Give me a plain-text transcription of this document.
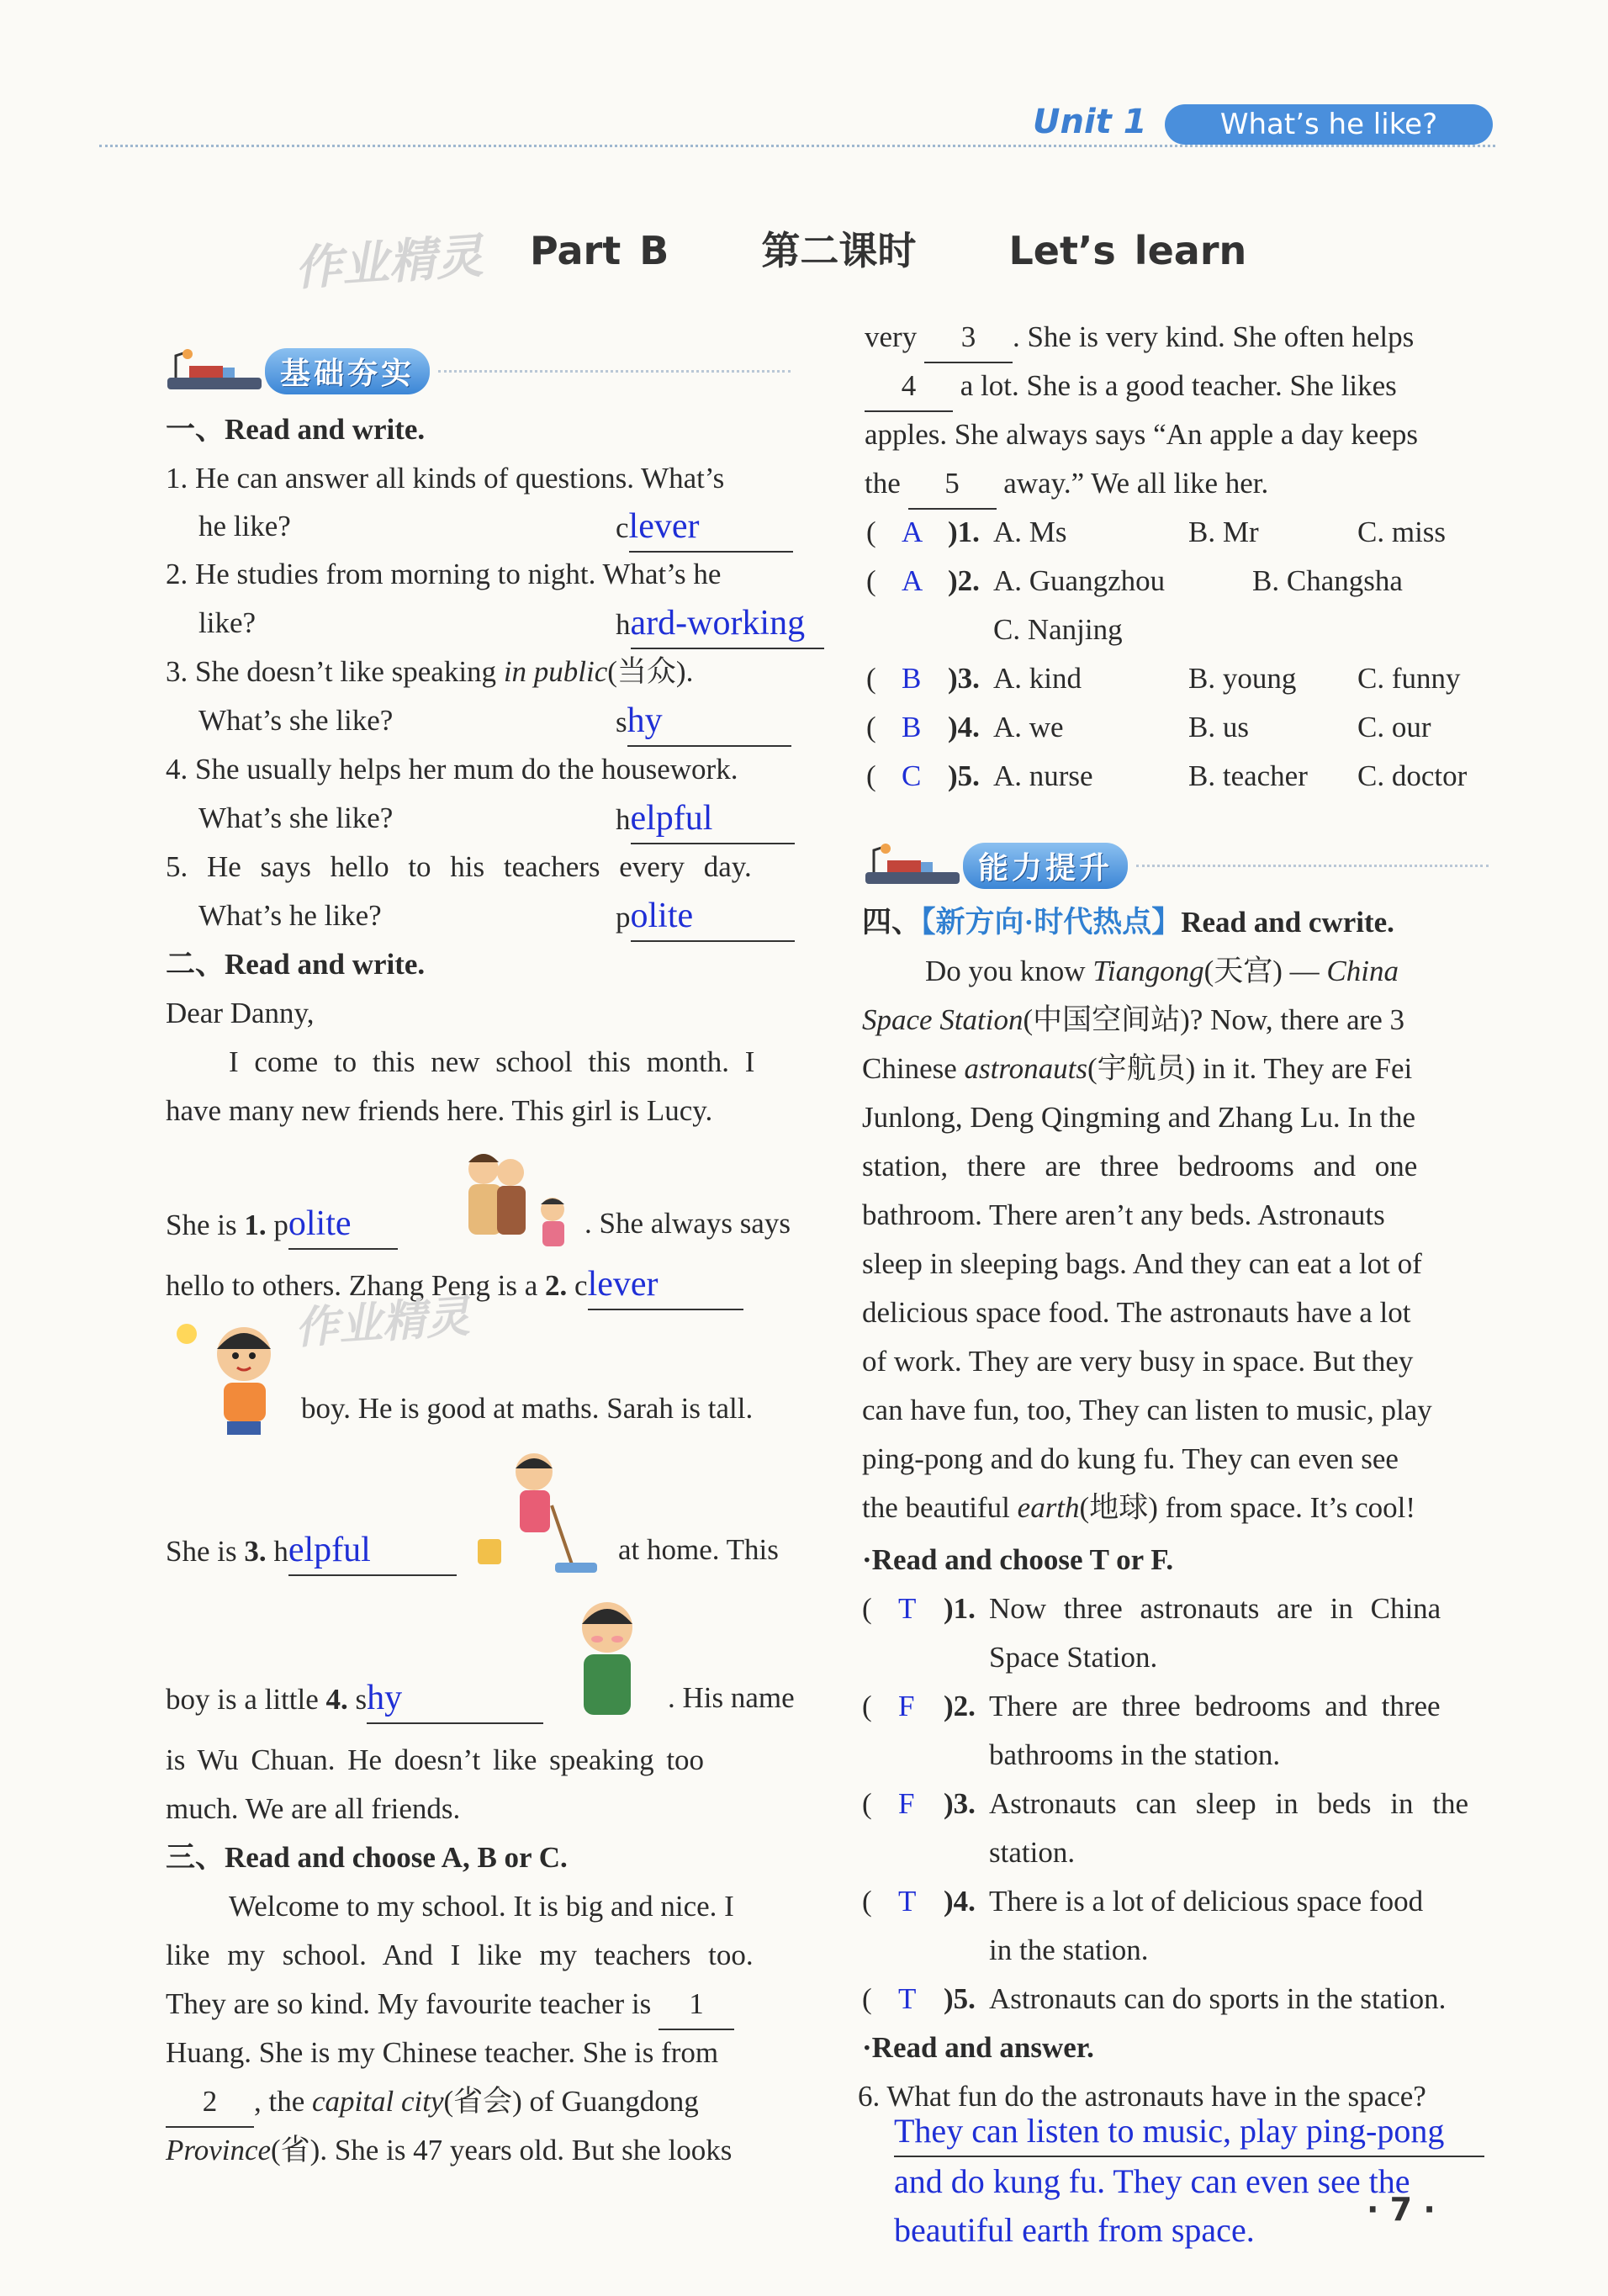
Unit 1	What’s he like?
作业精灵 Part B 第二课时 Let’s learn
基础夯实
一、Read and write.
1. He can answer all kinds of questions. What’s
he like?	clever
2. He studies from morning to night. What’s he
like?	hard-working
3. She doesn’t like speaking in public(当众).
What’s she like?	shy
4. She usually helps her mum do the housework.
What’s she like?	helpful
5. He says hello to his teachers every day.
What’s he like?	polite
二、Read and write.
Dear Danny,
I come to this new school this month. I
have many new friends here. This girl is Lucy.
She is 1. polite	. She always says
hello to others. Zhang Peng is a 2. clever
作业精灵
boy. He is good at maths. Sarah is tall.
She is 3. helpful	at home. This
boy is a little 4. shy	. His name
is Wu Chuan. He doesn’t like speaking too
much. We are all friends.
三、Read and choose A, B or C.
Welcome to my school. It is big and nice. I
like my school. And I like my teachers too.
They are so kind. My favourite teacher is 1
Huang. She is my Chinese teacher. She is from
2 , the capital city(省会) of Guangdong
Province(省). She is 47 years old. But she looks
very 3 . She is very kind. She often helps
4 a lot. She is a good teacher. She likes
apples. She always says “An apple a day keeps
the 5 away.” We all like her.
( A )1. A. Ms	B. Mr	C. miss
( A )2. A. Guangzhou	B. Changsha
C. Nanjing
( B )3. A. kind	B. young C. funny
( B )4. A. we	B. us	C. our
( C )5. A. nurse	B. teacher C. doctor
能力提升
四、【新方向·时代热点】Read and cwrite.
Do you know Tiangong(天宫) — China
Space Station(中国空间站)? Now, there are 3
Chinese astronauts(宇航员) in it. They are Fei
Junlong, Deng Qingming and Zhang Lu. In the
station, there are three bedrooms and one
bathroom. There aren’t any beds. Astronauts
sleep in sleeping bags. And they can eat a lot of
delicious space food. The astronauts have a lot
of work. They are very busy in space. But they
can have fun, too, They can listen to music, play
ping-pong and do kung fu. They can even see
the beautiful earth(地球) from space. It’s cool!
·Read and choose T or F.
( T )1. Now three astronauts are in China
Space Station.
( F )2. There are three bedrooms and three
bathrooms in the station.
( F )3. Astronauts can sleep in beds in the
station.
( T )4. There is a lot of delicious space food
in the station.
( T )5. Astronauts can do sports in the station.
·Read and answer.
6. What fun do the astronauts have in the space?
They can listen to music, play ping-pong
and do kung fu. They can even see the
beautiful earth from space.
· 7 ·
